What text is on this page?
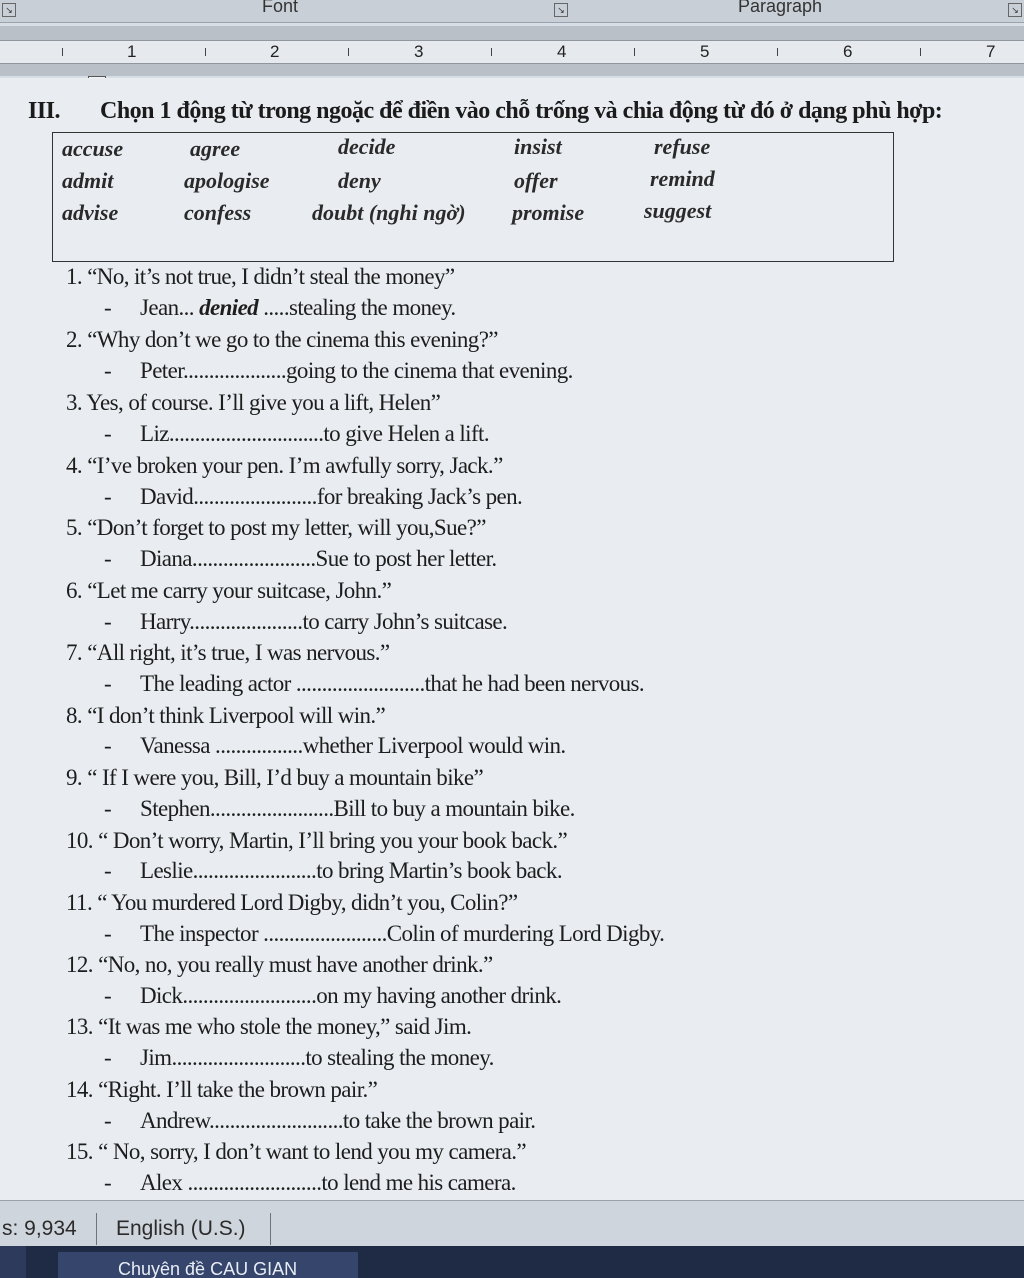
↘	Font	↘	Paragraph	↘
1	2	3	4	5	6	7
III. Chọn 1 động từ trong ngoặc để điền vào chỗ trống và chia động từ đó ở dạng phù hợp:
accuse	agree	decide	insist	refuse
admit	apologise	deny	offer	remind
advise	confess	doubt (nghi ngờ) promise	suggest
1. “No, it’s not true, I didn’t steal the money”
- Jean... denied .....stealing the money.
2. “Why don’t we go to the cinema this evening?”
- Peter....................going to the cinema that evening.
3. Yes, of course. I’ll give you a lift, Helen”
- Liz..............................to give Helen a lift.
4. “I’ve broken your pen. I’m awfully sorry, Jack.”
- David........................for breaking Jack’s pen.
5. “Don’t forget to post my letter, will you,Sue?”
- Diana........................Sue to post her letter.
6. “Let me carry your suitcase, John.”
- Harry......................to carry John’s suitcase.
7. “All right, it’s true, I was nervous.”
- The leading actor .........................that he had been nervous.
8. “I don’t think Liverpool will win.”
- Vanessa .................whether Liverpool would win.
9. “ If I were you, Bill, I’d buy a mountain bike”
- Stephen........................Bill to buy a mountain bike.
10. “ Don’t worry, Martin, I’ll bring you your book back.”
- Leslie........................to bring Martin’s book back.
11. “ You murdered Lord Digby, didn’t you, Colin?”
- The inspector ........................Colin of murdering Lord Digby.
12. “No, no, you really must have another drink.”
- Dick..........................on my having another drink.
13. “It was me who stole the money,” said Jim.
- Jim..........................to stealing the money.
14. “Right. I’ll take the brown pair.”
- Andrew..........................to take the brown pair.
15. “ No, sorry, I don’t want to lend you my camera.”
- Alex ..........................to lend me his camera.
s: 9,934 English (U.S.)
Chuyên đề CAU GIAN
